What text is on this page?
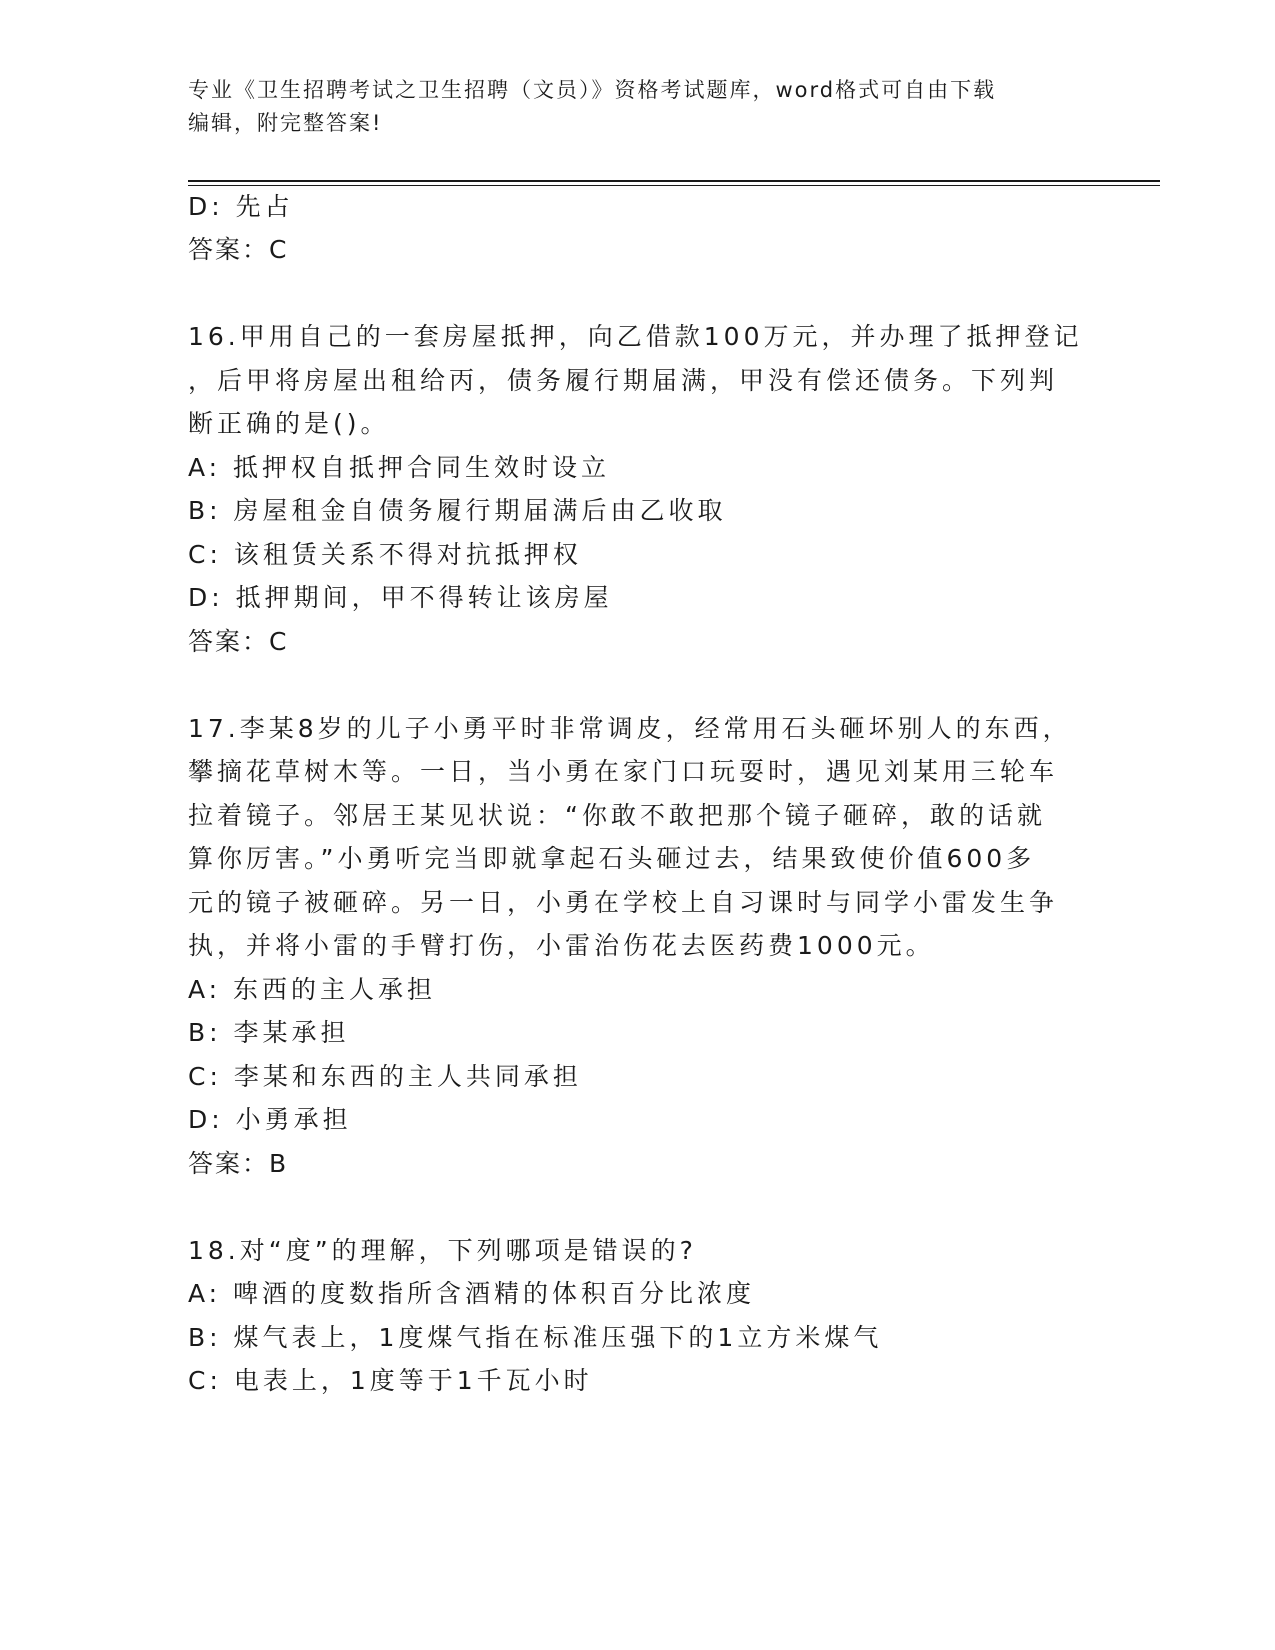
专业《卫生招聘考试之卫生招聘（文员）》资格考试题库，word格式可自由下载
编辑，附完整答案!
D: 先占
答案：C
16.甲用自己的一套房屋抵押，向乙借款100万元，并办理了抵押登记
，后甲将房屋出租给丙，债务履行期届满，甲没有偿还债务。下列判
断正确的是()。
A: 抵押权自抵押合同生效时设立
B: 房屋租金自债务履行期届满后由乙收取
C: 该租赁关系不得对抗抵押权
D: 抵押期间，甲不得转让该房屋
答案：C
17.李某8岁的儿子小勇平时非常调皮，经常用石头砸坏别人的东西，
攀摘花草树木等。一日，当小勇在家门口玩耍时，遇见刘某用三轮车
拉着镜子。邻居王某见状说：“你敢不敢把那个镜子砸碎，敢的话就
算你厉害。”小勇听完当即就拿起石头砸过去，结果致使价值600多
元的镜子被砸碎。另一日，小勇在学校上自习课时与同学小雷发生争
执，并将小雷的手臂打伤，小雷治伤花去医药费1000元。
A: 东西的主人承担
B: 李某承担
C: 李某和东西的主人共同承担
D: 小勇承担
答案：B
18.对“度”的理解，下列哪项是错误的?
A: 啤酒的度数指所含酒精的体积百分比浓度
B: 煤气表上，1度煤气指在标准压强下的1立方米煤气
C: 电表上，1度等于1千瓦小时
